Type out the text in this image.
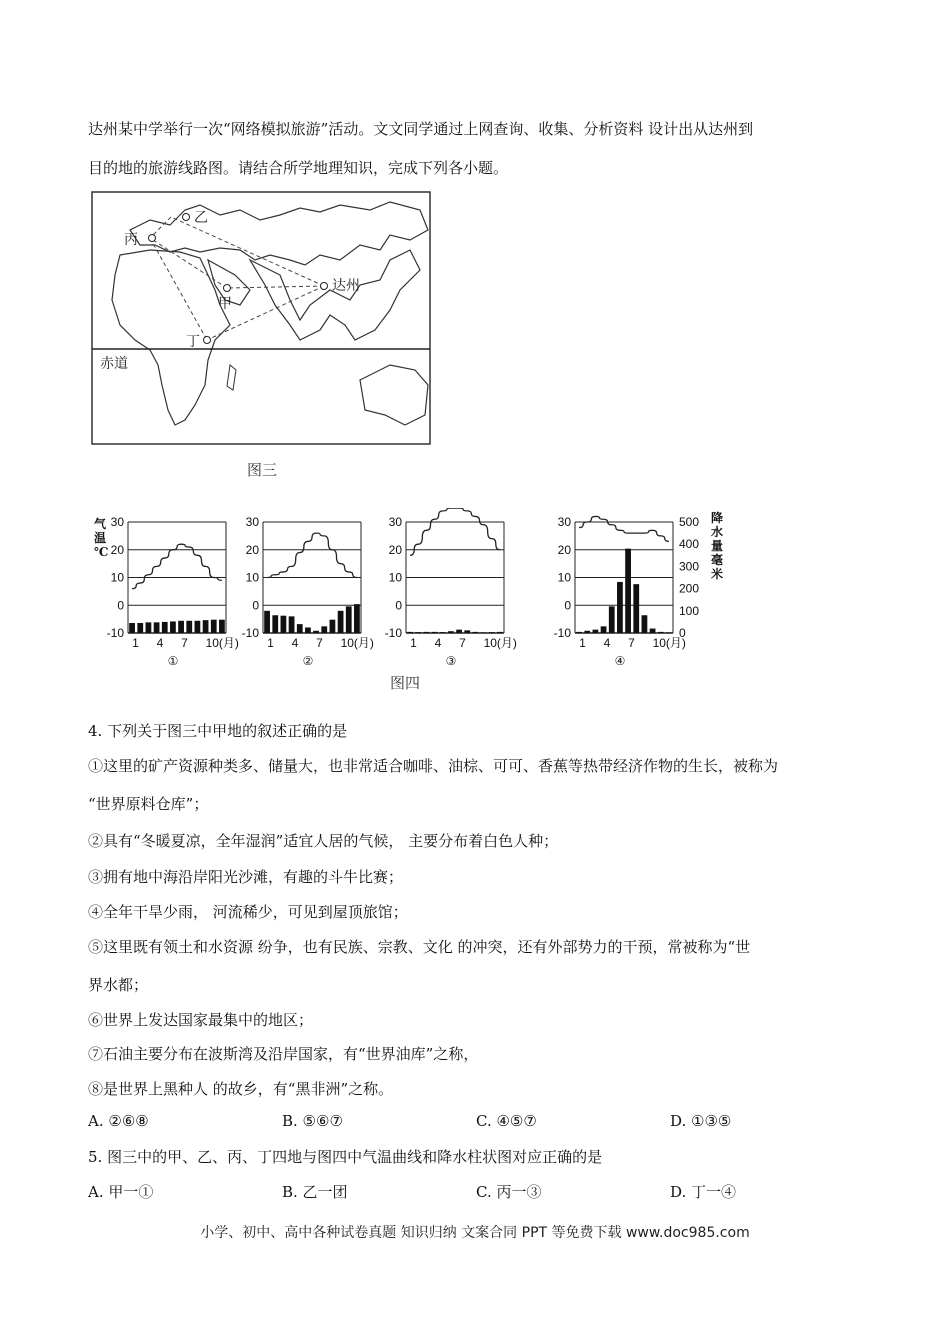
达州某中学举行一次“网络模拟旅游”活动。文文同学通过上网查询、收集、分析资料 设计出从达州到
目的地的旅游线路图。请结合所学地理知识，完成下列各小题。
乙
丙
甲
丁
达州
赤道
图三
-10
0
10
20
30
1 4 7 10(月)
①
气
温
℃
-10
0
10
20
30
1 4 7 10(月)
②
-10
0
10
20
30
1 4 7 10(月)
③
-10
0
10
20
30
1 4 7 10(月)
④
0
100
200
300
400
500 降
水
量
毫
米
图四
4. 下列关于图三中甲地的叙述正确的是
①这里的矿产资源种类多、储量大，也非常适合咖啡、油棕、可可、香蕉等热带经济作物的生长，被称为
“世界原料仓库”；
②具有“冬暖夏凉，全年湿润”适宜人居的气候， 主要分布着白色人种；
③拥有地中海沿岸阳光沙滩，有趣的斗牛比赛；
④全年干旱少雨， 河流稀少，可见到屋顶旅馆；
⑤这里既有领土和水资源 纷争，也有民族、宗教、文化 的冲突，还有外部势力的干预，常被称为“世
界水都；
⑥世界上发达国家最集中的地区；
⑦石油主要分布在波斯湾及沿岸国家，有“世界油库”之称，
⑧是世界上黑种人 的故乡，有“黑非洲”之称。
A. ②⑥⑧	B. ⑤⑥⑦	C. ④⑤⑦	D. ①③⑤
5. 图三中的甲、乙、丙、丁四地与图四中气温曲线和降水柱状图对应正确的是
A. 甲一①	B. 乙一团	C. 丙一③	D. 丁一④
小学、初中、高中各种试卷真题 知识归纳 文案合同 PPT 等免费下载 www.doc985.com
